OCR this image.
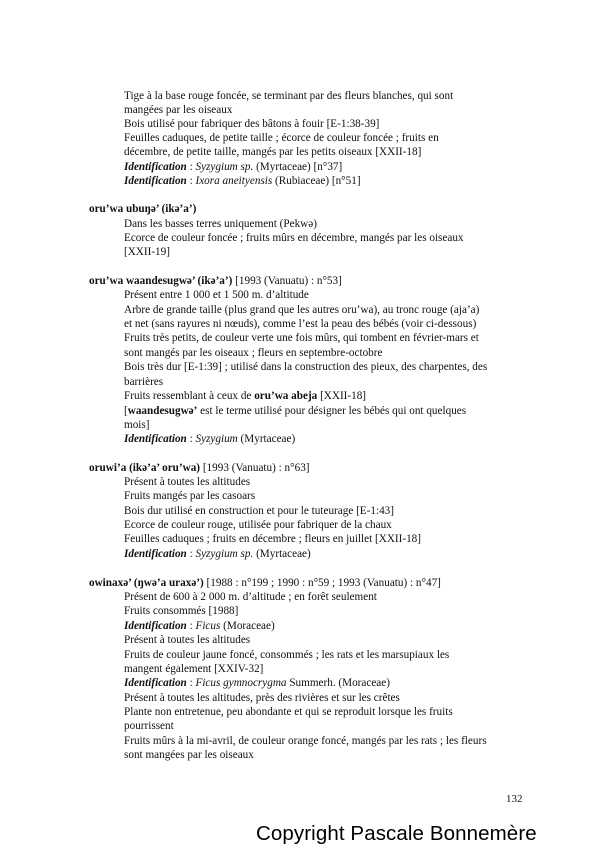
Tige à la base rouge foncée, se terminant par des fleurs blanches, qui sont

mangées par les oiseaux

Bois utilisé pour fabriquer des bâtons à fouir [E-1:38-39]

Feuilles caduques, de petite taille ; écorce de couleur foncée ; fruits en

décembre, de petite taille, mangés par les petits oiseaux [XXII-18]

Identification : Syzygium sp. (Myrtaceae) [n°37]

Identification : Ixora aneityensis (Rubiaceae) [n°51]

oru’wa ubuŋə’ (ikə’a’)

Dans les basses terres uniquement (Pekwə)

Ecorce de couleur foncée ; fruits mûrs en décembre, mangés par les oiseaux

[XXII-19]

oru’wa waandesugwə’ (ikə’a’) [1993 (Vanuatu) : n°53]

Présent entre 1 000 et 1 500 m. d’altitude

Arbre de grande taille (plus grand que les autres oru’wa), au tronc rouge (aja’a)

et net (sans rayures ni nœuds), comme l’est la peau des bébés (voir ci-dessous)

Fruits très petits, de couleur verte une fois mûrs, qui tombent en février-mars et

sont mangés par les oiseaux ; fleurs en septembre-octobre

Bois très dur [E-1:39] ; utilisé dans la construction des pieux, des charpentes, des

barrières

Fruits ressemblant à ceux de oru’wa abeja [XXII-18]

[waandesugwə’ est le terme utilisé pour désigner les bébés qui ont quelques

mois]

Identification : Syzygium (Myrtaceae)

oruwi’a (ikə’a’ oru’wa) [1993 (Vanuatu) : n°63]

Présent à toutes les altitudes

Fruits mangés par les casoars

Bois dur utilisé en construction et pour le tuteurage [E-1:43]

Ecorce de couleur rouge, utilisée pour fabriquer de la chaux

Feuilles caduques ; fruits en décembre ; fleurs en juillet [XXII-18]

Identification : Syzygium sp. (Myrtaceae)

owinaxə’ (ŋwə’a uraxə’) [1988 : n°199 ; 1990 : n°59 ; 1993 (Vanuatu) : n°47]

Présent de 600 à 2 000 m. d’altitude ; en forêt seulement

Fruits consommés [1988]

Identification : Ficus (Moraceae)

Présent à toutes les altitudes

Fruits de couleur jaune foncé, consommés ; les rats et les marsupiaux les

mangent également [XXIV-32]

Identification : Ficus gymnocrygma Summerh. (Moraceae)

Présent à toutes les altitudes, près des rivières et sur les crêtes

Plante non entretenue, peu abondante et qui se reproduit lorsque les fruits

pourrissent

Fruits mûrs à la mi-avril, de couleur orange foncé, mangés par les rats ; les fleurs

sont mangées par les oiseaux

132
Copyright Pascale Bonnemère
